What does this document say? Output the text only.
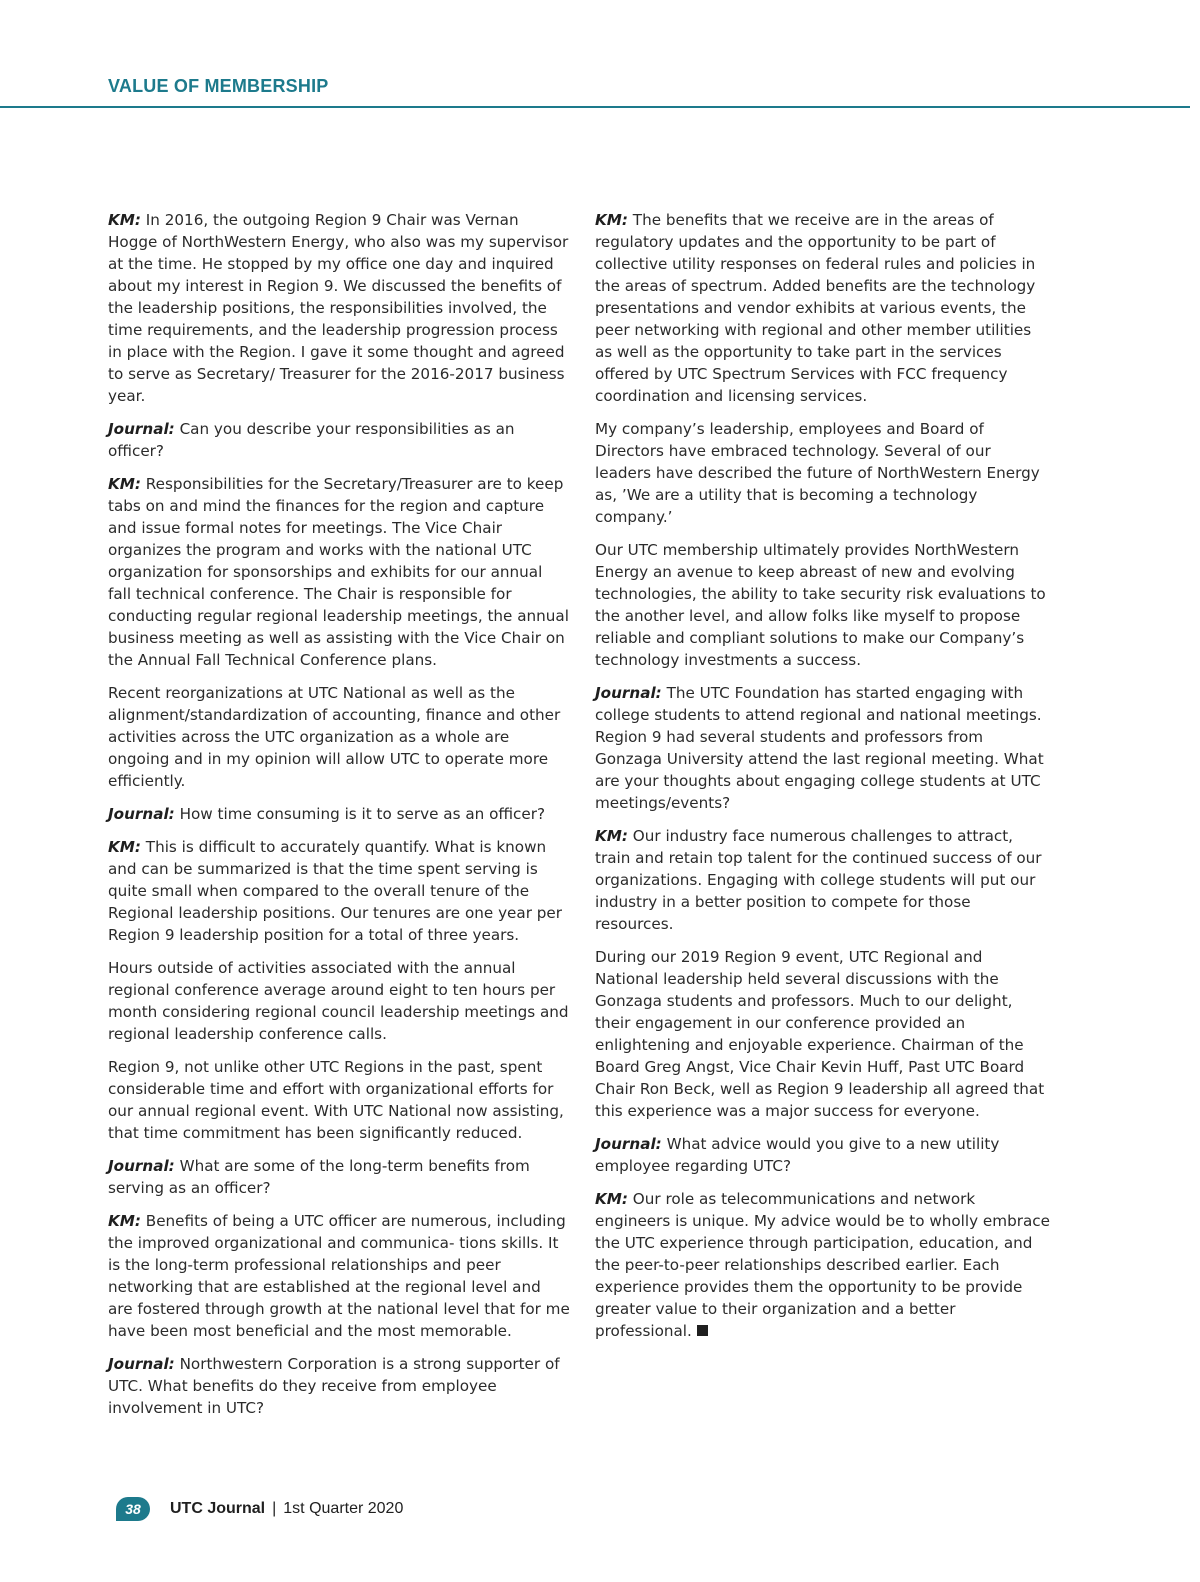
VALUE OF MEMBERSHIP

KM: In 2016, the outgoing Region 9 Chair was Vernan Hogge of NorthWestern Energy, who also was my supervisor at the time. He stopped by my office one day and inquired about my interest in Region 9. We discussed the benefits of the leadership positions, the responsibilities involved, the time requirements, and the leadership progression process in place with the Region. I gave it some thought and agreed to serve as Secretary/ Treasurer for the 2016-2017 business year.

Journal: Can you describe your responsibilities as an officer?

KM: Responsibilities for the Secretary/Treasurer are to keep tabs on and mind the finances for the region and capture and issue formal notes for meetings. The Vice Chair organizes the program and works with the national UTC organization for sponsorships and exhibits for our annual fall technical conference. The Chair is responsible for conducting regular regional leadership meetings, the annual business meeting as well as assisting with the Vice Chair on the Annual Fall Technical Conference plans.

Recent reorganizations at UTC National as well as the alignment/standardization of accounting, finance and other activities across the UTC organization as a whole are ongoing and in my opinion will allow UTC to operate more efficiently.

Journal: How time consuming is it to serve as an officer?

KM: This is difficult to accurately quantify. What is known and can be summarized is that the time spent serving is quite small when compared to the overall tenure of the Regional leadership positions. Our tenures are one year per Region 9 leadership position for a total of three years.

Hours outside of activities associated with the annual regional conference average around eight to ten hours per month considering regional council leadership meetings and regional leadership conference calls.

Region 9, not unlike other UTC Regions in the past, spent considerable time and effort with organizational efforts for our annual regional event. With UTC National now assisting, that time commitment has been significantly reduced.

Journal: What are some of the long-term benefits from serving as an officer?

KM: Benefits of being a UTC officer are numerous, including the improved organizational and communica- tions skills. It is the long-term professional relationships and peer networking that are established at the regional level and are fostered through growth at the national level that for me have been most beneficial and the most memorable.

Journal: Northwestern Corporation is a strong supporter of UTC. What benefits do they receive from employee involvement in UTC?

KM: The benefits that we receive are in the areas of regulatory updates and the opportunity to be part of collective utility responses on federal rules and policies in the areas of spectrum. Added benefits are the technology presentations and vendor exhibits at various events, the peer networking with regional and other member utilities as well as the opportunity to take part in the services offered by UTC Spectrum Services with FCC frequency coordination and licensing services.

My company’s leadership, employees and Board of Directors have embraced technology. Several of our leaders have described the future of NorthWestern Energy as, ’We are a utility that is becoming a technology company.’

Our UTC membership ultimately provides NorthWestern Energy an avenue to keep abreast of new and evolving technologies, the ability to take security risk evaluations to the another level, and allow folks like myself to propose reliable and compliant solutions to make our Company’s technology investments a success.

Journal: The UTC Foundation has started engaging with college students to attend regional and national meetings. Region 9 had several students and professors from Gonzaga University attend the last regional meeting. What are your thoughts about engaging college students at UTC meetings/events?

KM: Our industry face numerous challenges to attract, train and retain top talent for the continued success of our organizations. Engaging with college students will put our industry in a better position to compete for those resources.

During our 2019 Region 9 event, UTC Regional and National leadership held several discussions with the Gonzaga students and professors. Much to our delight, their engagement in our conference provided an enlightening and enjoyable experience. Chairman of the Board Greg Angst, Vice Chair Kevin Huff, Past UTC Board Chair Ron Beck, well as Region 9 leadership all agreed that this experience was a major success for everyone.

Journal: What advice would you give to a new utility employee regarding UTC?

KM: Our role as telecommunications and network engineers is unique. My advice would be to wholly embrace the UTC experience through participation, education, and the peer-to-peer relationships described earlier. Each experience provides them the opportunity to be provide greater value to their organization and a better professional.

38	UTC Journal | 1st Quarter 2020
